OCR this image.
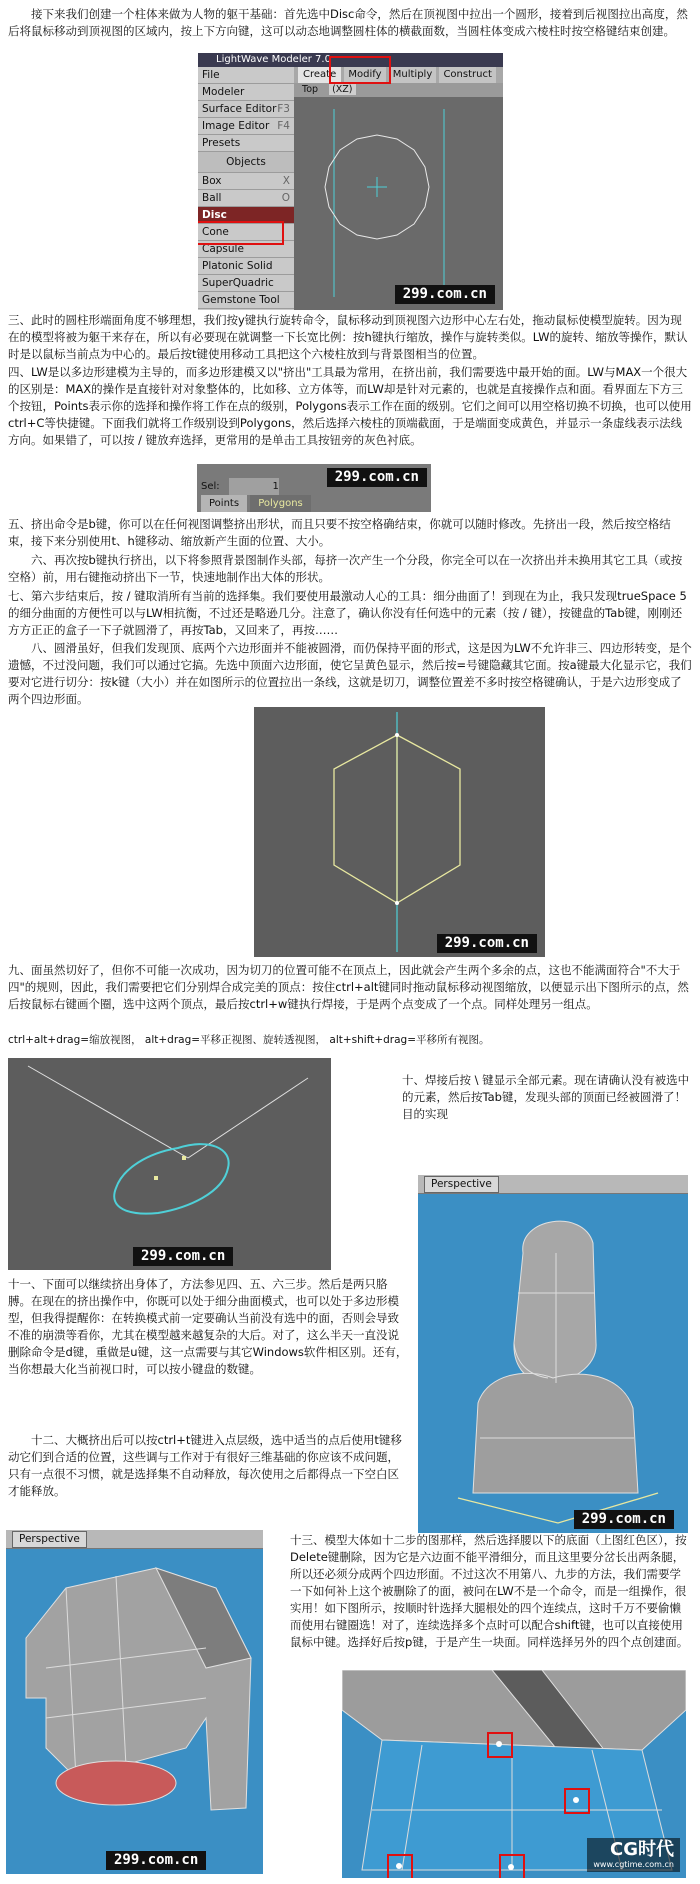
接下来我们创建一个柱体来做为人物的躯干基础：首先选中Disc命令，然后在顶视图中拉出一个圆形，接着到后视图拉出高度，然后将鼠标移动到顶视图的区域内，按上下方向键，这可以动态地调整圆柱体的横截面数，当圆柱体变成六棱柱时按空格键结束创建。

LightWave Modeler 7.0
File
Modeler
Surface Editor F3
Image Editor F4
Presets
Objects
Box	X
Ball	O
Disc
Cone
Capsule
Platonic Solid
SuperQuadric
Gemstone Tool
Create Modify Multiply Construct
Top (XZ)
299.com.cn

三、此时的圆柱形端面角度不够理想，我们按y键执行旋转命令，鼠标移动到顶视图六边形中心左右处，拖动鼠标使模型旋转。因为现在的模型将被为躯干来存在，所以有必要现在就调整一下长宽比例：按h键执行缩放，操作与旋转类似。LW的旋转、缩放等操作，默认时是以鼠标当前点为中心的。最后按t键使用移动工具把这个六棱柱放到与背景图相当的位置。

四、LW是以多边形建模为主导的，而多边形建模又以"挤出"工具最为常用，在挤出前，我们需要选中最开始的面。LW与MAX一个很大的区别是：MAX的操作是直接针对对象整体的，比如移、立方体等，而LW却是针对元素的，也就是直接操作点和面。看界面左下方三个按钮，Points表示你的选择和操作将工作在点的级别，Polygons表示工作在面的级别。它们之间可以用空格切换不切换，也可以使用ctrl+C等快捷键。下面我们就将工作级别设到Polygons，然后选择六棱柱的顶端截面，于是端面变成黄色，并显示一条虚线表示法线方向。如果错了，可以按 / 键放弃选择，更常用的是单击工具按钮旁的灰色衬底。

Sel:	1
Points Polygons
299.com.cn

五、挤出命令是b键，你可以在任何视图调整挤出形状，而且只要不按空格确结束，你就可以随时修改。先挤出一段，然后按空格结束，接下来分别使用t、h键移动、缩放新产生面的位置、大小。

六、再次按b键执行挤出，以下将参照背景图制作头部，每挤一次产生一个分段，你完全可以在一次挤出并未换用其它工具（或按空格）前，用右键拖动挤出下一节，快速地制作出大体的形状。

七、第六步结束后，按 / 键取消所有当前的选择集。我们要使用最激动人心的工具：细分曲面了！到现在为止，我只发现trueSpace 5的细分曲面的方便性可以与LW相抗衡，不过还是略逊几分。注意了，确认你没有任何选中的元素（按 / 键），按键盘的Tab键，刚刚还方方正正的盒子一下子就圆滑了，再按Tab，又回来了，再按……

八、圆滑虽好，但我们发现顶、底两个六边形面并不能被圆滑，而仍保持平面的形式，这是因为LW不允许非三、四边形转变，是个遗憾，不过没问题，我们可以通过它搞。先选中顶面六边形面，使它呈黄色显示，然后按=号键隐藏其它面。按a键最大化显示它，我们要对它进行切分：按k键（大小）并在如图所示的位置拉出一条线，这就是切刀，调整位置差不多时按空格键确认，于是六边形变成了两个四边形面。

299.com.cn

九、面虽然切好了，但你不可能一次成功，因为切刀的位置可能不在顶点上，因此就会产生两个多余的点，这也不能满面符合"不大于四"的规则，因此，我们需要把它们分别焊合成完美的顶点：按住ctrl+alt键同时拖动鼠标移动视图缩放，以便显示出下图所示的点，然后按鼠标右键画个圈，选中这两个顶点，最后按ctrl+w键执行焊接，于是两个点变成了一个点。同样处理另一组点。

ctrl+alt+drag=缩放视图， alt+drag=平移正视图、旋转透视图， alt+shift+drag=平移所有视图。

299.com.cn

十、焊接后按 \ 键显示全部元素。现在请确认没有被选中的元素，然后按Tab键，发现头部的顶面已经被圆滑了！目的实现

Perspective
299.com.cn

十一、下面可以继续挤出身体了，方法参见四、五、六三步。然后是两只胳膊。在现在的挤出操作中，你既可以处于细分曲面模式，也可以处于多边形模型，但我得提醒你：在转换模式前一定要确认当前没有选中的面，否则会导致不准的崩溃等看你，尤其在模型越来越复杂的大后。对了，这么半天一直没说删除命令是d键，重做是u键，这一点需要与其它Windows软件相区别。还有，当你想最大化当前视口时，可以按小键盘的数键。

十二、大概挤出后可以按ctrl+t键进入点层级，选中适当的点后使用t键移动它们到合适的位置，这些调与工作对于有很好三维基础的你应该不成问题，只有一点很不习惯，就是选择集不自动释放，每次使用之后都得点一下空白区才能释放。

Perspective
299.com.cn

十三、模型大体如十二步的图那样，然后选择腰以下的底面（上图红色区），按Delete键删除，因为它是六边面不能平滑细分，而且这里要分岔长出两条腿，所以还必须分成两个四边形面。不过这次不用第八、九步的方法，我们需要学一下如何补上这个被删除了的面，被问在LW不是一个命令，而是一组操作，很实用！如下图所示，按顺时针选择大腿根处的四个连续点，这时千万不要偷懒而使用右键圈选！对了，连续选择多个点时可以配合shift键，也可以直接使用鼠标中键。选择好后按p键，于是产生一块面。同样选择另外的四个点创建面。

CG时代
www.cgtime.com.cn
